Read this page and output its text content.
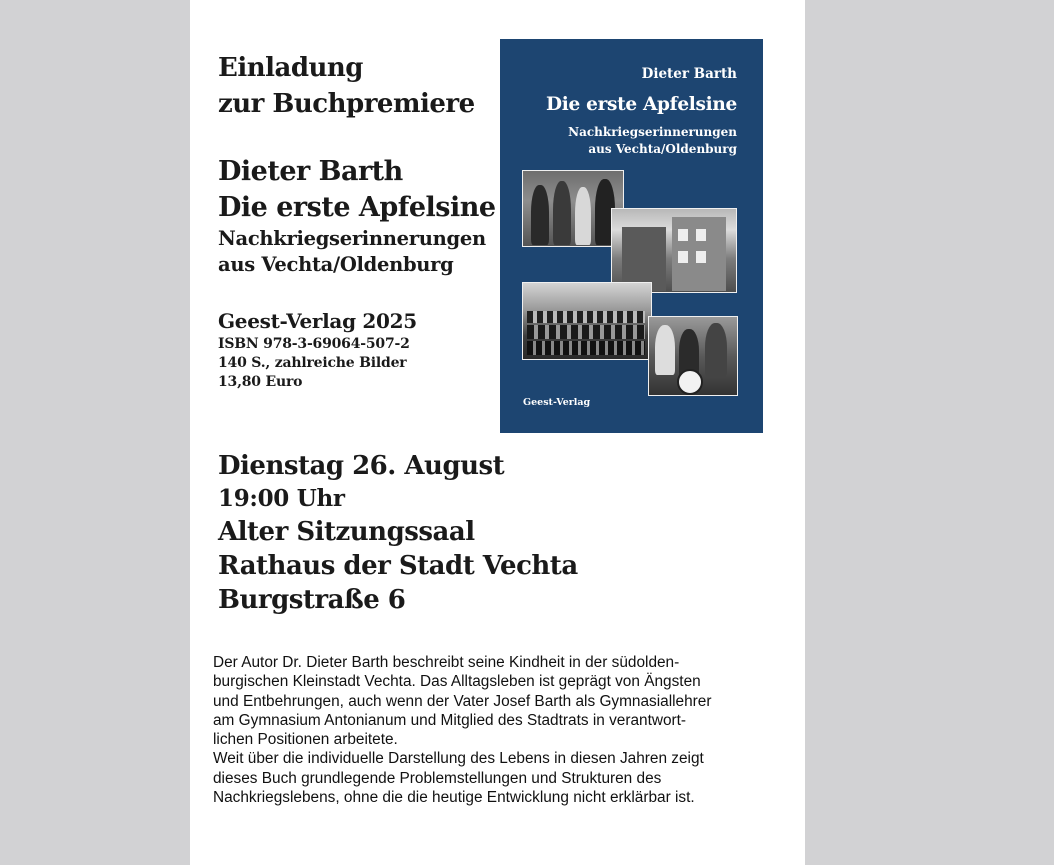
Einladung
zur Buchpremiere
Dieter Barth
Die erste Apfelsine
Nachkriegserinnerungen
aus Vechta/Oldenburg
Geest-Verlag 2025
ISBN 978-3-69064-507-2
140 S., zahlreiche Bilder
13,80 Euro
Dieter Barth
Die erste Apfelsine
Nachkriegserinnerungen
aus Vechta/Oldenburg
Geest-Verlag
Dienstag 26. August
19:00 Uhr
Alter Sitzungssaal
Rathaus der Stadt Vechta
Burgstraße 6
Der Autor Dr. Dieter Barth beschreibt seine Kindheit in der südolden-
burgischen Kleinstadt Vechta. Das Alltagsleben ist geprägt von Ängsten
und Entbehrungen, auch wenn der Vater Josef Barth als Gymnasiallehrer
am Gymnasium Antonianum und Mitglied des Stadtrats in verantwort-
lichen Positionen arbeitete.
Weit über die individuelle Darstellung des Lebens in diesen Jahren zeigt
dieses Buch grundlegende Problemstellungen und Strukturen des
Nachkriegslebens, ohne die die heutige Entwicklung nicht erklärbar ist.
